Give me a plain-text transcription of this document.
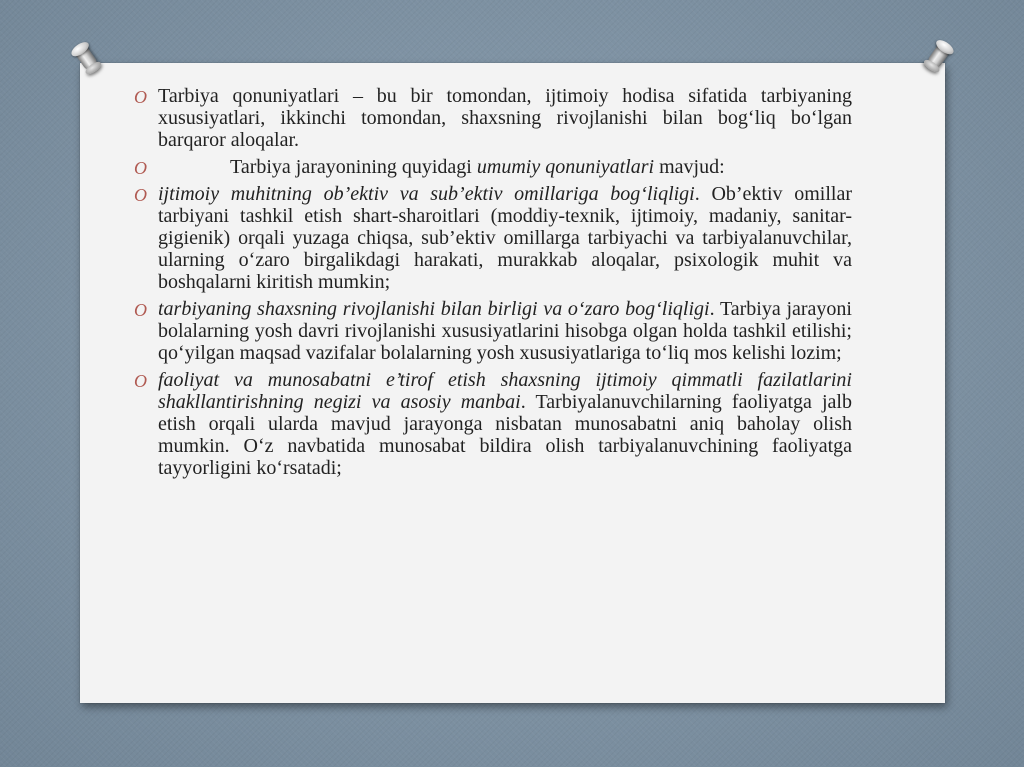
O Tarbiya qonuniyatlari – bu bir tomondan, ijtimoiy hodisa sifatida tarbiyaning xususiyatlari, ikkinchi tomondan, shaxsning rivojlanishi bilan bog‘liq bo‘lgan barqaror aloqalar.
O	Tarbiya jarayonining quyidagi umumiy qonuniyatlari mavjud:
O ijtimoiy muhitning ob’ektiv va sub’ektiv omillariga bog‘liqligi. Ob’ektiv omillar tarbiyani tashkil etish shart-sharoitlari (moddiy-texnik, ijtimoiy, madaniy, sanitar-gigienik) orqali yuzaga chiqsa, sub’ektiv omillarga tarbiyachi va tarbiyalanuvchilar, ularning o‘zaro birgalikdagi harakati, murakkab aloqalar, psixologik muhit va boshqalarni kiritish mumkin;
O tarbiyaning shaxsning rivojlanishi bilan birligi va o‘zaro bog‘liqligi. Tarbiya jarayoni bolalarning yosh davri rivojlanishi xususiyatlarini hisobga olgan holda tashkil etilishi; qo‘yilgan maqsad vazifalar bolalarning yosh xususiyatlariga to‘liq mos kelishi lozim;
O faoliyat va munosabatni e’tirof etish shaxsning ijtimoiy qimmatli fazilatlarini shakllantirishning negizi va asosiy manbai. Tarbiyalanuvchilarning faoliyatga jalb etish orqali ularda mavjud jarayonga nisbatan munosabatni aniq baholay olish mumkin. O‘z navbatida munosabat bildira olish tarbiyalanuvchining faoliyatga tayyorligini ko‘rsatadi;
